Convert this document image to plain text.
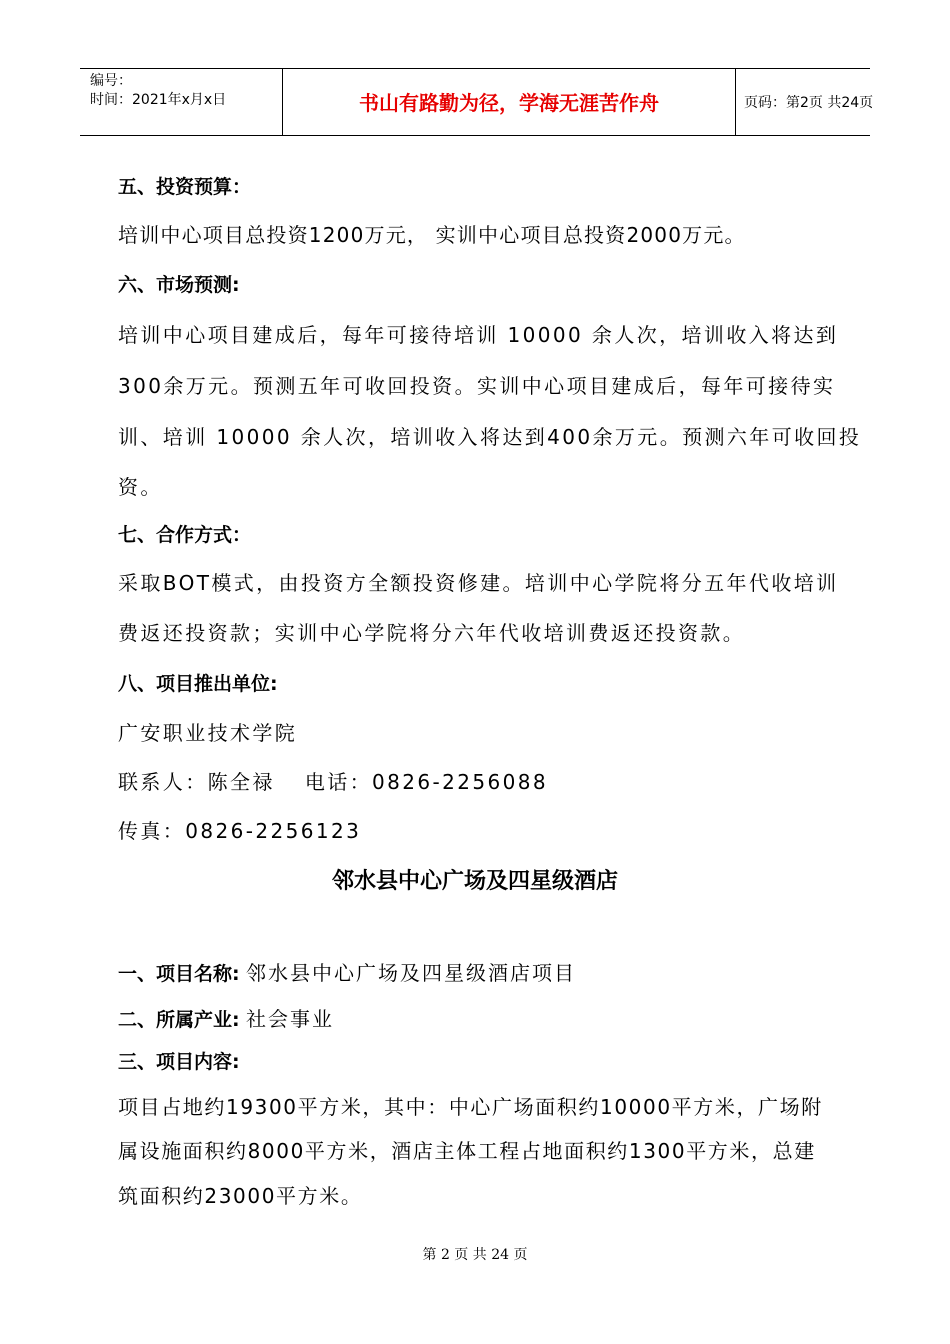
编号：
时间：2021年x月x日	书山有路勤为径，学海无涯苦作舟	页码：第2页 共24页
五、投资预算：
培训中心项目总投资1200万元， 实训中心项目总投资2000万元。
六、市场预测:
培训中心项目建成后，每年可接待培训 10000 余人次，培训收入将达到
300余万元。预测五年可收回投资。实训中心项目建成后，每年可接待实
训、培训 10000 余人次，培训收入将达到400余万元。预测六年可收回投
资。
七、合作方式：
采取BOT模式，由投资方全额投资修建。培训中心学院将分五年代收培训
费返还投资款；实训中心学院将分六年代收培训费返还投资款。
八、项目推出单位:
广安职业技术学院
联系人：陈全禄 电话：0826-2256088
传真：0826-2256123
邻水县中心广场及四星级酒店
一、项目名称: 邻水县中心广场及四星级酒店项目
二、所属产业: 社会事业
三、项目内容:
项目占地约19300平方米，其中：中心广场面积约10000平方米，广场附
属设施面积约8000平方米，酒店主体工程占地面积约1300平方米，总建
筑面积约23000平方米。
第 2 页 共 24 页
